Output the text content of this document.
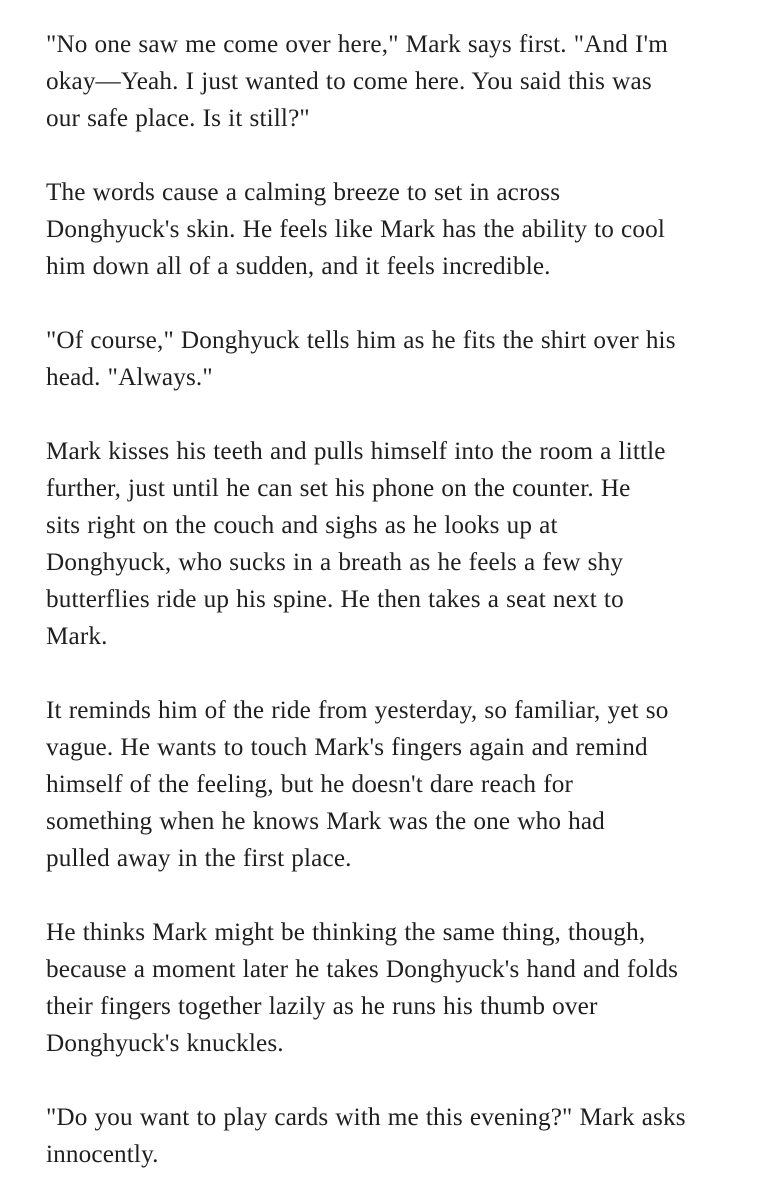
"No one saw me come over here," Mark says first. "And I'm
okay—Yeah. I just wanted to come here. You said this was
our safe place. Is it still?"

The words cause a calming breeze to set in across
Donghyuck's skin. He feels like Mark has the ability to cool
him down all of a sudden, and it feels incredible.

"Of course," Donghyuck tells him as he fits the shirt over his
head. "Always."

Mark kisses his teeth and pulls himself into the room a little
further, just until he can set his phone on the counter. He
sits right on the couch and sighs as he looks up at
Donghyuck, who sucks in a breath as he feels a few shy
butterflies ride up his spine. He then takes a seat next to
Mark.

It reminds him of the ride from yesterday, so familiar, yet so
vague. He wants to touch Mark's fingers again and remind
himself of the feeling, but he doesn't dare reach for
something when he knows Mark was the one who had
pulled away in the first place.

He thinks Mark might be thinking the same thing, though,
because a moment later he takes Donghyuck's hand and folds
their fingers together lazily as he runs his thumb over
Donghyuck's knuckles.

"Do you want to play cards with me this evening?" Mark asks
innocently.
